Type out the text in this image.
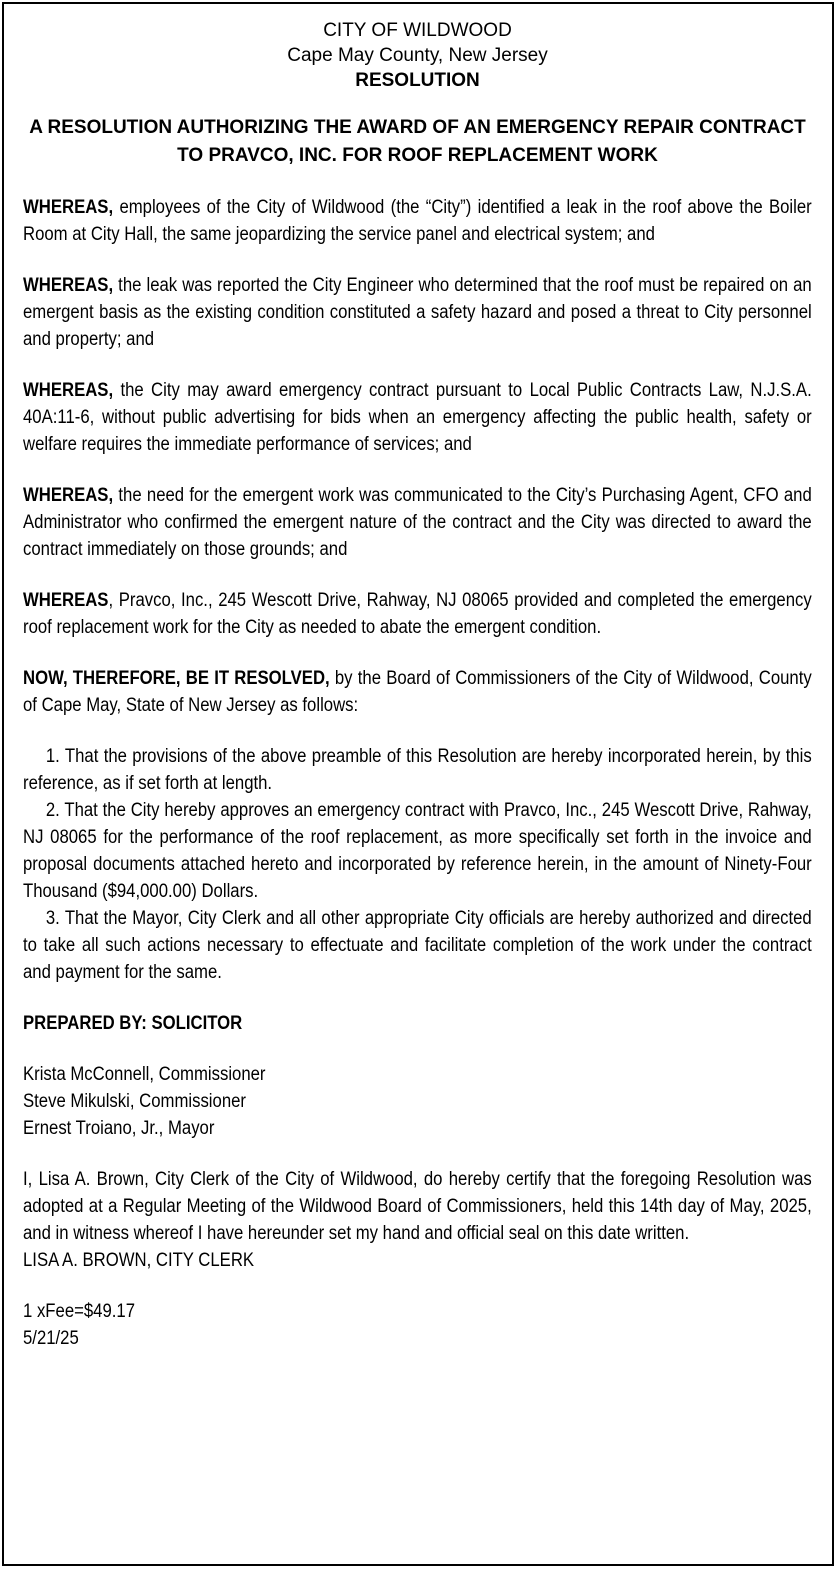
CITY OF WILDWOOD
Cape May County, New Jersey
RESOLUTION
A RESOLUTION AUTHORIZING THE AWARD OF AN EMERGENCY REPAIR CONTRACT TO PRAVCO, INC. FOR ROOF REPLACEMENT WORK
WHEREAS, employees of the City of Wildwood (the “City”) identified a leak in the roof above the Boiler Room at City Hall, the same jeopardizing the service panel and electrical system; and
WHEREAS, the leak was reported the City Engineer who determined that the roof must be repaired on an emergent basis as the existing condition constituted a safety hazard and posed a threat to City personnel and property; and
WHEREAS, the City may award emergency contract pursuant to Local Public Contracts Law, N.J.S.A. 40A:11-6, without public advertising for bids when an emergency affecting the public health, safety or welfare requires the immediate performance of services; and
WHEREAS, the need for the emergent work was communicated to the City’s Purchasing Agent, CFO and Administrator who confirmed the emergent nature of the contract and the City was directed to award the contract immediately on those grounds; and
WHEREAS, Pravco, Inc., 245 Wescott Drive, Rahway, NJ 08065 provided and completed the emergency roof replacement work for the City as needed to abate the emergent condition.
NOW, THEREFORE, BE IT RESOLVED, by the Board of Commissioners of the City of Wildwood, County of Cape May, State of New Jersey as follows:
1. That the provisions of the above preamble of this Resolution are hereby incorporated herein, by this reference, as if set forth at length.
2. That the City hereby approves an emergency contract with Pravco, Inc., 245 Wescott Drive, Rahway, NJ 08065 for the performance of the roof replacement, as more specifically set forth in the invoice and proposal documents attached hereto and incorporated by reference herein, in the amount of Ninety-Four Thousand ($94,000.00) Dollars.
3. That the Mayor, City Clerk and all other appropriate City officials are hereby authorized and directed to take all such actions necessary to effectuate and facilitate completion of the work under the contract and payment for the same.
PREPARED BY: SOLICITOR
Krista McConnell, Commissioner
Steve Mikulski, Commissioner
Ernest Troiano, Jr., Mayor
I, Lisa A. Brown, City Clerk of the City of Wildwood, do hereby certify that the foregoing Resolution was adopted at a Regular Meeting of the Wildwood Board of Commissioners, held this 14th day of May, 2025, and in witness whereof I have hereunder set my hand and official seal on this date written.
LISA A. BROWN, CITY CLERK
1 xFee=$49.17
5/21/25
